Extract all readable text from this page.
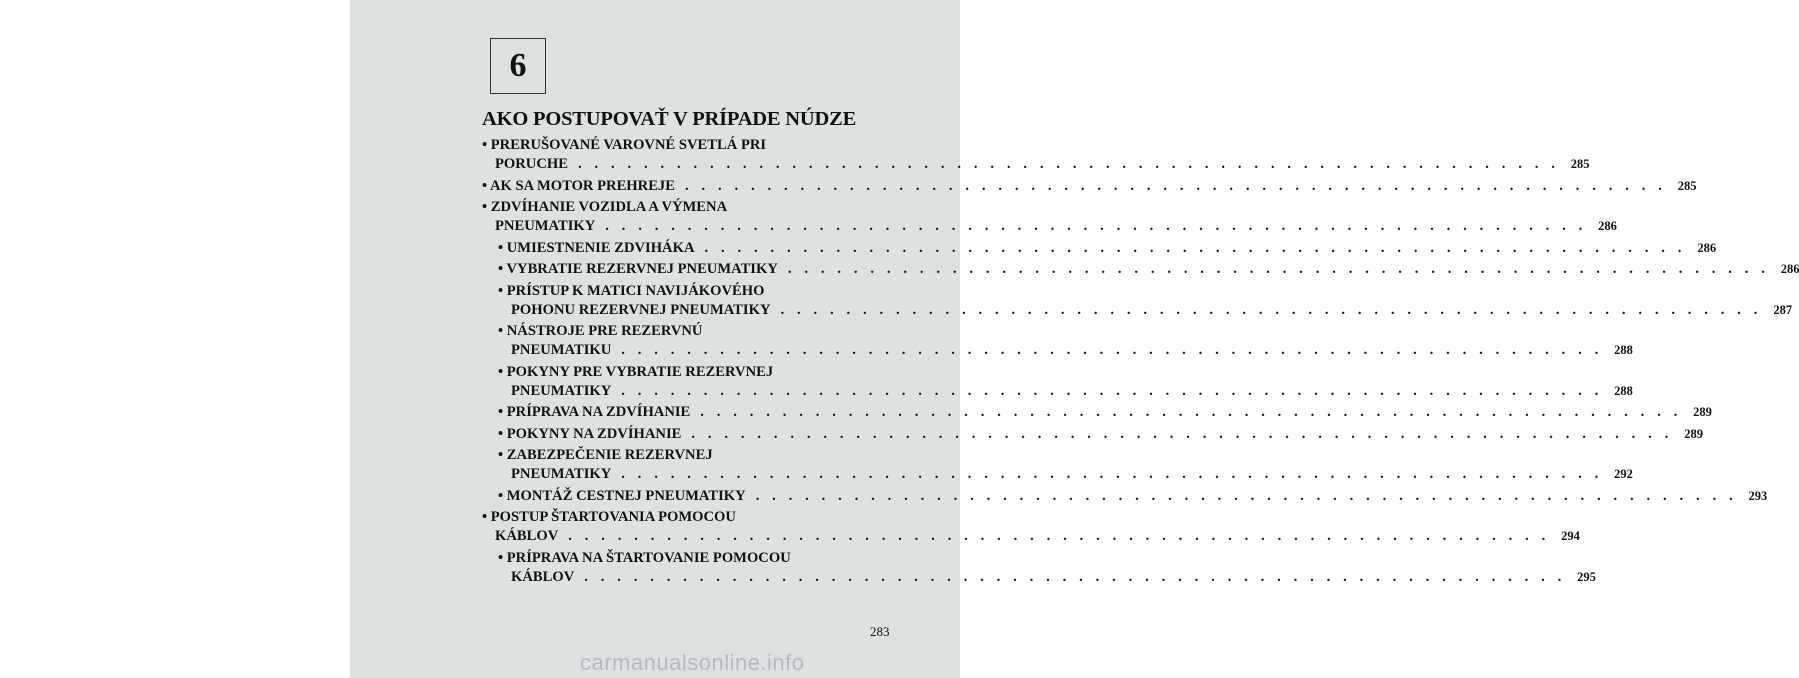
6
AKO POSTUPOVAŤ V PRÍPADE NÚDZE
• PRERUŠOVANÉ VAROVNÉ SVETLÁ PRI
PORUCHE . . . . . . . . . . . . . . . . . . . . . . . . . . . . . . . . . . . . . . . . . . . . . . . . . . . . . . . . . . . . 285
• AK SA MOTOR PREHREJE . . . . . . . . . . . . . . . . . . . . . . . . . . . . . . . . . . . . . . . . . . . . . . . . . . . . . . . . . . . . 285
• ZDVÍHANIE VOZIDLA A VÝMENA
PNEUMATIKY . . . . . . . . . . . . . . . . . . . . . . . . . . . . . . . . . . . . . . . . . . . . . . . . . . . . . . . . . . . . 286
• UMIESTNENIE ZDVIHÁKA . . . . . . . . . . . . . . . . . . . . . . . . . . . . . . . . . . . . . . . . . . . . . . . . . . . . . . . . . . . . 286
• VYBRATIE REZERVNEJ PNEUMATIKY . . . . . . . . . . . . . . . . . . . . . . . . . . . . . . . . . . . . . . . . . . . . . . . . . . . . . . . . . . . . 286
• PRÍSTUP K MATICI NAVIJÁKOVÉHO
POHONU REZERVNEJ PNEUMATIKY . . . . . . . . . . . . . . . . . . . . . . . . . . . . . . . . . . . . . . . . . . . . . . . . . . . . . . . . . . . . 287
• NÁSTROJE PRE REZERVNÚ
PNEUMATIKU . . . . . . . . . . . . . . . . . . . . . . . . . . . . . . . . . . . . . . . . . . . . . . . . . . . . . . . . . . . . 288
• POKYNY PRE VYBRATIE REZERVNEJ
PNEUMATIKY . . . . . . . . . . . . . . . . . . . . . . . . . . . . . . . . . . . . . . . . . . . . . . . . . . . . . . . . . . . . 288
• PRÍPRAVA NA ZDVÍHANIE . . . . . . . . . . . . . . . . . . . . . . . . . . . . . . . . . . . . . . . . . . . . . . . . . . . . . . . . . . . . 289
• POKYNY NA ZDVÍHANIE . . . . . . . . . . . . . . . . . . . . . . . . . . . . . . . . . . . . . . . . . . . . . . . . . . . . . . . . . . . . 289
• ZABEZPEČENIE REZERVNEJ
PNEUMATIKY . . . . . . . . . . . . . . . . . . . . . . . . . . . . . . . . . . . . . . . . . . . . . . . . . . . . . . . . . . . . 292
• MONTÁŽ CESTNEJ PNEUMATIKY . . . . . . . . . . . . . . . . . . . . . . . . . . . . . . . . . . . . . . . . . . . . . . . . . . . . . . . . . . . . 293
• POSTUP ŠTARTOVANIA POMOCOU
KÁBLOV . . . . . . . . . . . . . . . . . . . . . . . . . . . . . . . . . . . . . . . . . . . . . . . . . . . . . . . . . . . . 294
• PRÍPRAVA NA ŠTARTOVANIE POMOCOU
KÁBLOV . . . . . . . . . . . . . . . . . . . . . . . . . . . . . . . . . . . . . . . . . . . . . . . . . . . . . . . . . . . . 295
283
carmanualsonline.info
